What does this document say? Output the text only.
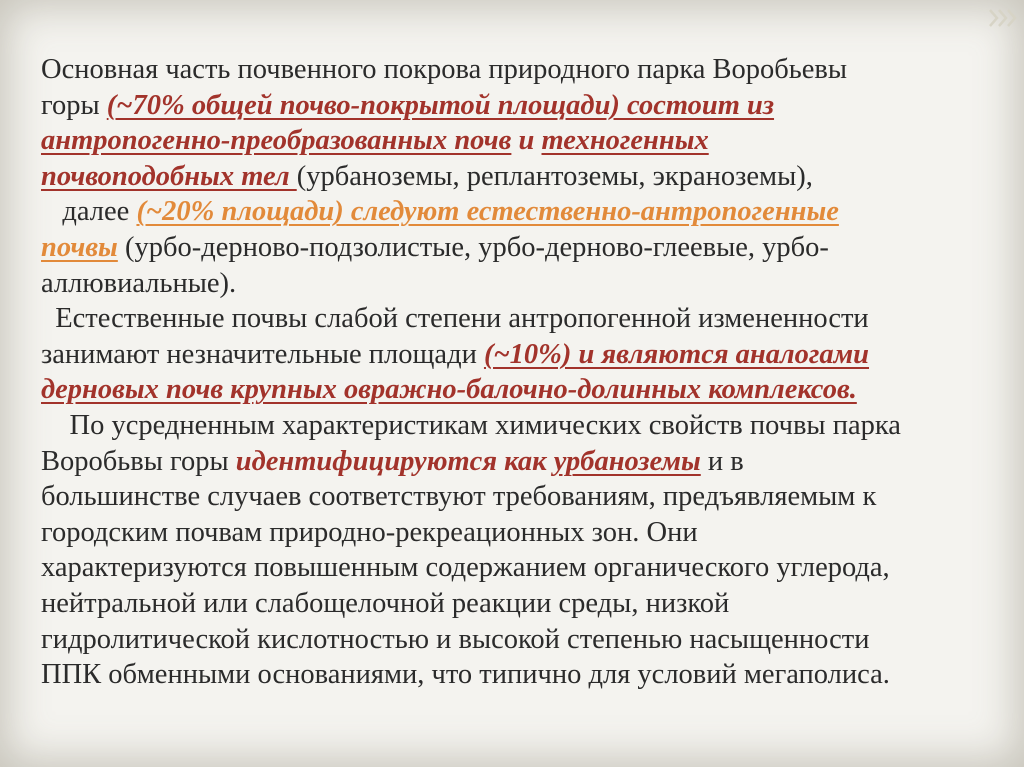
Основная часть почвенного покрова природного парка Воробьевы
горы (~70% общей почво-покрытой площади) состоит из
антропогенно-преобразованных почв и техногенных
почвоподобных тел (урбаноземы, реплантоземы, экраноземы),
далее (~20% площади) следуют естественно-антропогенные
почвы (урбо-дерново-подзолистые, урбо-дерново-глеевые, урбо-
аллювиальные).
Естественные почвы слабой степени антропогенной измененности
занимают незначительные площади (~10%) и являются аналогами
дерновых почв крупных овражно-балочно-долинных комплексов.
По усредненным характеристикам химических свойств почвы парка
Воробьвы горы идентифицируются как урбаноземы и в
большинстве случаев соответствуют требованиям, предъявляемым к
городским почвам природно-рекреационных зон. Они
характеризуются повышенным содержанием органического углерода,
нейтральной или слабощелочной реакции среды, низкой
гидролитической кислотностью и высокой степенью насыщенности
ППК обменными основаниями, что типично для условий мегаполиса.
